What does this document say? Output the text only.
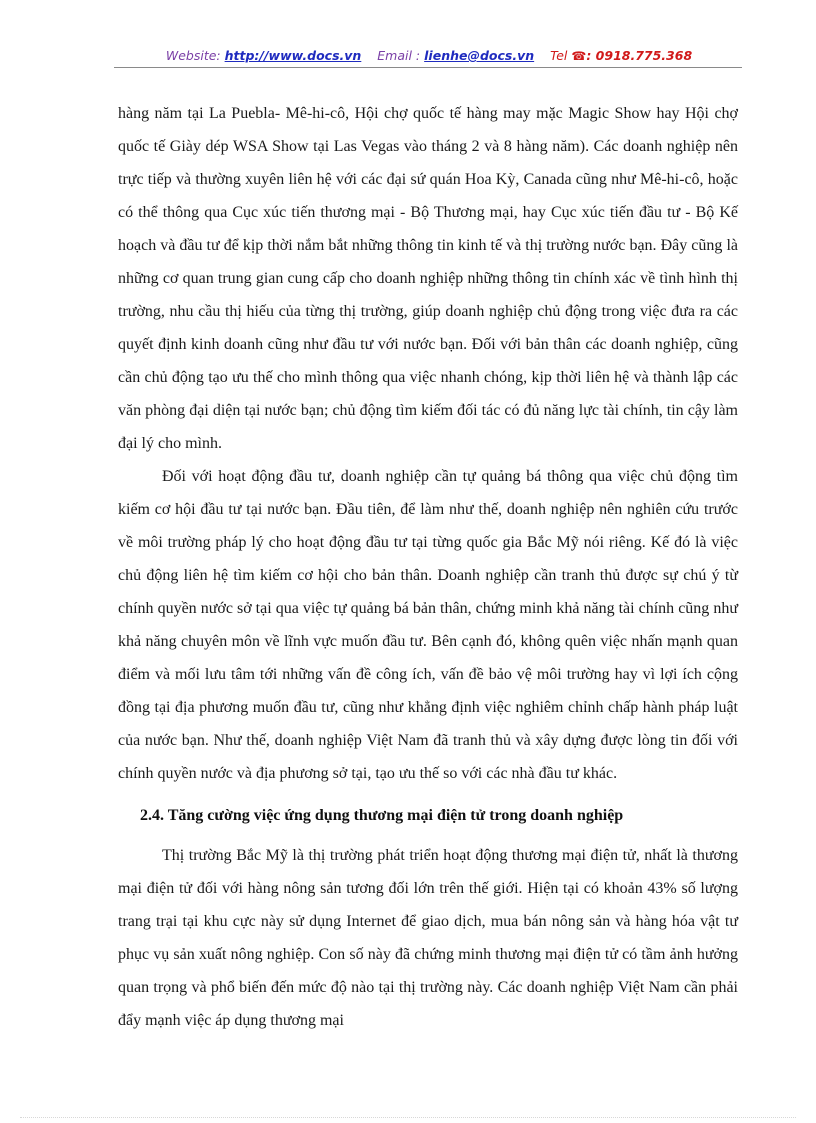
Website: http://www.docs.vn Email : lienhe@docs.vn Tel ☎: 0918.775.368

hàng năm tại La Puebla- Mê-hi-cô, Hội chợ quốc tế hàng may mặc Magic Show hay Hội chợ quốc tế Giày dép WSA Show tại Las Vegas vào tháng 2 và 8 hàng năm). Các doanh nghiệp nên trực tiếp và thường xuyên liên hệ với các đại sứ quán Hoa Kỳ, Canada cũng như Mê-hi-cô, hoặc có thể thông qua Cục xúc tiến thương mại - Bộ Thương mại, hay Cục xúc tiến đầu tư - Bộ Kế hoạch và đầu tư để kịp thời nắm bắt những thông tin kinh tế và thị trường nước bạn. Đây cũng là những cơ quan trung gian cung cấp cho doanh nghiệp những thông tin chính xác về tình hình thị trường, nhu cầu thị hiếu của từng thị trường, giúp doanh nghiệp chủ động trong việc đưa ra các quyết định kinh doanh cũng như đầu tư với nước bạn. Đối với bản thân các doanh nghiệp, cũng cần chủ động tạo ưu thế cho mình thông qua việc nhanh chóng, kịp thời liên hệ và thành lập các văn phòng đại diện tại nước bạn; chủ động tìm kiếm đối tác có đủ năng lực tài chính, tin cậy làm đại lý cho mình.

Đối với hoạt động đầu tư, doanh nghiệp cần tự quảng bá thông qua việc chủ động tìm kiếm cơ hội đầu tư tại nước bạn. Đầu tiên, để làm như thế, doanh nghiệp nên nghiên cứu trước về môi trường pháp lý cho hoạt động đầu tư tại từng quốc gia Bắc Mỹ nói riêng. Kế đó là việc chủ động liên hệ tìm kiếm cơ hội cho bản thân. Doanh nghiệp cần tranh thủ được sự chú ý từ chính quyền nước sở tại qua việc tự quảng bá bản thân, chứng minh khả năng tài chính cũng như khả năng chuyên môn về lĩnh vực muốn đầu tư. Bên cạnh đó, không quên việc nhấn mạnh quan điểm và mối lưu tâm tới những vấn đề công ích, vấn đề bảo vệ môi trường hay vì lợi ích cộng đồng tại địa phương muốn đầu tư, cũng như khẳng định việc nghiêm chỉnh chấp hành pháp luật của nước bạn. Như thế, doanh nghiệp Việt Nam đã tranh thủ và xây dựng được lòng tin đối với chính quyền nước và địa phương sở tại, tạo ưu thế so với các nhà đầu tư khác.

2.4. Tăng cường việc ứng dụng thương mại điện tử trong doanh nghiệp

Thị trường Bắc Mỹ là thị trường phát triển hoạt động thương mại điện tử, nhất là thương mại điện tử đối với hàng nông sản tương đối lớn trên thế giới. Hiện tại có khoản 43% số lượng trang trại tại khu cực này sử dụng Internet để giao dịch, mua bán nông sản và hàng hóa vật tư phục vụ sản xuất nông nghiệp. Con số này đã chứng minh thương mại điện tử có tầm ảnh hưởng quan trọng và phổ biến đến mức độ nào tại thị trường này. Các doanh nghiệp Việt Nam cần phải đẩy mạnh việc áp dụng thương mại
